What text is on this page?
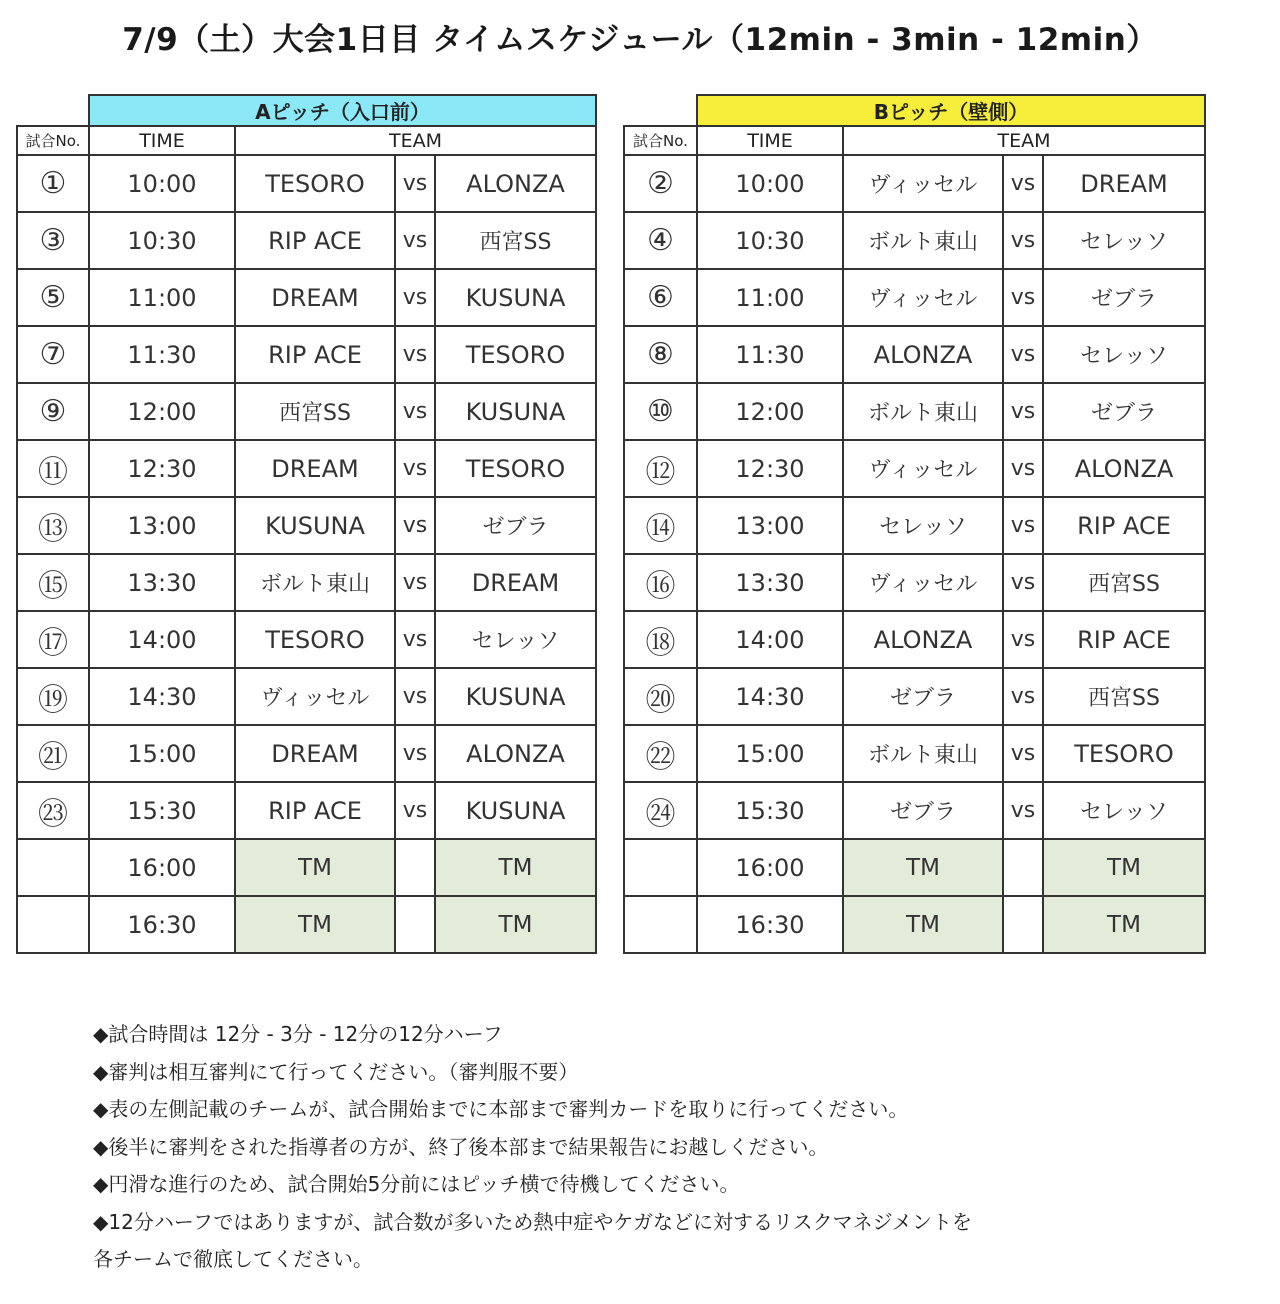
7/9（土）大会1日目 タイムスケジュール（12min - 3min - 12min）
	Aピッチ（入口前）			
試合No.	TIME	TEAM		
①	10:00	TESORO	vs	ALONZA
③	10:30	RIP ACE	vs	西宮SS
⑤	11:00	DREAM	vs	KUSUNA
⑦	11:30	RIP ACE	vs	TESORO
⑨	12:00	西宮SS	vs	KUSUNA
⑪	12:30	DREAM	vs	TESORO
⑬	13:00	KUSUNA	vs	ゼブラ
⑮	13:30	ボルト東山	vs	DREAM
⑰	14:00	TESORO	vs	セレッソ
⑲	14:30	ヴィッセル	vs	KUSUNA
㉑	15:00	DREAM	vs	ALONZA
㉓	15:30	RIP ACE	vs	KUSUNA
	16:00	TM		TM
	16:30	TM		TM
	Bピッチ（壁側）			
試合No.	TIME	TEAM		
②	10:00	ヴィッセル	vs	DREAM
④	10:30	ボルト東山	vs	セレッソ
⑥	11:00	ヴィッセル	vs	ゼブラ
⑧	11:30	ALONZA	vs	セレッソ
⑩	12:00	ボルト東山	vs	ゼブラ
⑫	12:30	ヴィッセル	vs	ALONZA
⑭	13:00	セレッソ	vs	RIP ACE
⑯	13:30	ヴィッセル	vs	西宮SS
⑱	14:00	ALONZA	vs	RIP ACE
⑳	14:30	ゼブラ	vs	西宮SS
㉒	15:00	ボルト東山	vs	TESORO
㉔	15:30	ゼブラ	vs	セレッソ
	16:00	TM		TM
	16:30	TM		TM
◆試合時間は 12分 - 3分 - 12分の12分ハーフ
◆審判は相互審判にて行ってください。（審判服不要）
◆表の左側記載のチームが、試合開始までに本部まで審判カードを取りに行ってください。
◆後半に審判をされた指導者の方が、終了後本部まで結果報告にお越しください。
◆円滑な進行のため、試合開始5分前にはピッチ横で待機してください。
◆12分ハーフではありますが、試合数が多いため熱中症やケガなどに対するリスクマネジメントを
各チームで徹底してください。
